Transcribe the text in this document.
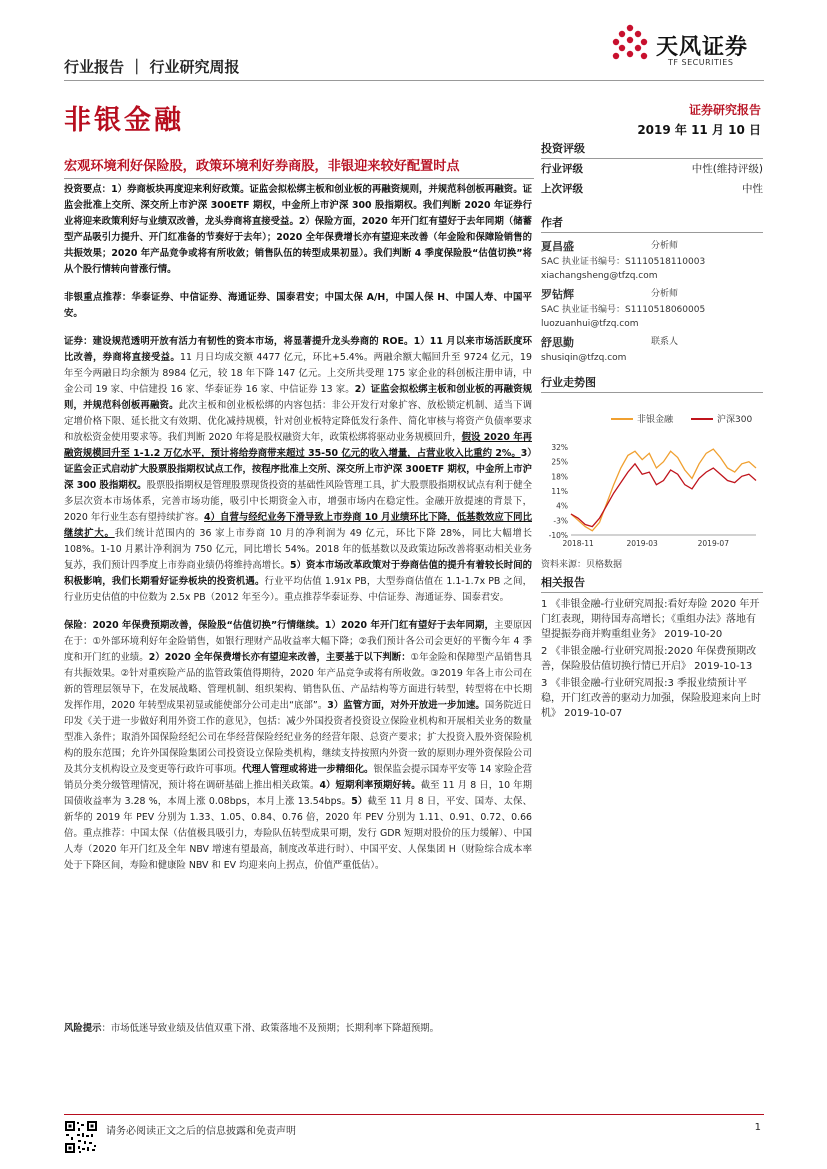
天风证券
TF SECURITIES
行业报告 ｜ 行业研究周报
非银金融	证券研究报告
2019 年 11 月 10 日
宏观环境利好保险股，政策环境利好券商股，非银迎来较好配置时点

投资要点：1）券商板块再度迎来利好政策。证监会拟松绑主板和创业板的再融资规则，并规范科创板再融资。证监会批准上交所、深交所上市沪深 300ETF 期权，中金所上市沪深 300 股指期权。我们判断 2020 年证券行业将迎来政策利好与业绩双改善，龙头券商将直接受益。2）保险方面，2020 年开门红有望好于去年同期（储蓄型产品吸引力提升、开门红准备的节奏好于去年）；2020 全年保费增长亦有望迎来改善（年金险和保障险销售的共振效果；2020 年产品竞争或将有所收敛；销售队伍的转型成果初显）。我们判断 4 季度保险股“估值切换”将从个股行情转向普涨行情。

非银重点推荐：华泰证券、中信证券、海通证券、国泰君安；中国太保 A/H，中国人保 H、中国人寿、中国平安。

证券：建设规范透明开放有活力有韧性的资本市场，将显著提升龙头券商的 ROE。1）11 月以来市场活跃度环比改善，券商将直接受益。11 月日均成交额 4477 亿元，环比+5.4%。两融余额大幅回升至 9724 亿元，19 年至今两融日均余额为 8984 亿元，较 18 年下降 147 亿元。上交所共受理 175 家企业的科创板注册申请，中金公司 19 家、中信建投 16 家、华泰证券 16 家、中信证券 13 家。2）证监会拟松绑主板和创业板的再融资规则，并规范科创板再融资。此次主板和创业板松绑的内容包括：非公开发行对象扩容、放松锁定机制、适当下调定增价格下限、延长批文有效期、优化减持规模，针对创业板特定降低发行条件、简化审核与将资产负债率要求和放松资金使用要求等。我们判断 2020 年将是股权融资大年，政策松绑将驱动业务规模回升，假设 2020 年再融资规模回升至 1-1.2 万亿水平，预计将给券商带来超过 35-50 亿元的收入增量，占营业收入比重约 2%。3）证监会正式启动扩大股票股指期权试点工作，按程序批准上交所、深交所上市沪深 300ETF 期权，中金所上市沪深 300 股指期权。股票股指期权是管理股票现货投资的基础性风险管理工具，扩大股票股指期权试点有利于健全多层次资本市场体系，完善市场功能，吸引中长期资金入市，增强市场内在稳定性。金融开放提速的背景下，2020 年行业生态有望持续扩容。4）自营与经纪业务下滑导致上市券商 10 月业绩环比下降，低基数效应下同比继续扩大。我们统计范围内的 36 家上市券商 10 月的净利润为 49 亿元，环比下降 28%，同比大幅增长 108%。1-10 月累计净利润为 750 亿元，同比增长 54%。2018 年的低基数以及政策边际改善将驱动相关业务复苏，我们预计四季度上市券商业绩仍将维持高增长。5）资本市场改革政策对于券商估值的提升有着较长时间的积极影响，我们长期看好证券板块的投资机遇。行业平均估值 1.91x PB，大型券商估值在 1.1-1.7x PB 之间，行业历史估值的中位数为 2.5x PB（2012 年至今）。重点推荐华泰证券、中信证券、海通证券、国泰君安。

保险：2020 年保费预期改善，保险股“估值切换”行情继续。1）2020 年开门红有望好于去年同期，主要原因在于：①外部环境利好年金险销售，如银行理财产品收益率大幅下降；②我们预计各公司会更好的平衡今年 4 季度和开门红的业绩。2）2020 全年保费增长亦有望迎来改善，主要基于以下判断：①年金险和保障型产品销售具有共振效果。②针对重疾险产品的监管政策值得期待，2020 年产品竞争或将有所收敛。③2019 年各上市公司在新的管理层领导下，在发展战略、管理机制、组织架构、销售队伍、产品结构等方面进行转型，转型将在中长期发挥作用，2020 年转型成果初显或能使部分公司走出“底部”。3）监管方面，对外开放进一步加速。国务院近日印发《关于进一步做好利用外资工作的意见》，包括：减少外国投资者投资设立保险业机构和开展相关业务的数量型准入条件；取消外国保险经纪公司在华经营保险经纪业务的经营年限、总资产要求；扩大投资入股外资保险机构的股东范围；允许外国保险集团公司投资设立保险类机构，继续支持按照内外资一致的原则办理外资保险公司及其分支机构设立及变更等行政许可事项。代理人管理或将进一步精细化。银保监会提示国寿平安等 14 家险企营销员分类分级管理情况，预计将在调研基础上推出相关政策。4）短期利率预期好转。截至 11 月 8 日，10 年期国债收益率为 3.28 %，本周上涨 0.08bps，本月上涨 13.54bps。5）截至 11 月 8 日，平安、国寿、太保、新华的 2019 年 PEV 分别为 1.33、1.05、0.84、0.76 倍，2020 年 PEV 分别为 1.11、0.91、0.72、0.66 倍。重点推荐：中国太保（估值极具吸引力，寿险队伍转型成果可期，发行 GDR 短期对股价的压力缓解）、中国人寿（2020 年开门红及全年 NBV 增速有望最高，制度改革进行时）、中国平安、人保集团 H（财险综合成本率处于下降区间，寿险和健康险 NBV 和 EV 均迎来向上拐点，价值严重低估）。

风险提示：市场低迷导致业绩及估值双重下滑、政策落地不及预期；长期利率下降超预期。
投资评级
行业评级	中性(维持评级)
上次评级	中性
作者
夏昌盛	分析师
SAC 执业证书编号： S1110518110003
xiachangsheng@tfzq.com
罗钻辉	分析师
SAC 执业证书编号： S1110518060005
luozuanhui@tfzq.com
舒思勤	联系人
shusiqin@tfzq.com
行业走势图
非银金融	沪深300
32%
25%
18%
11%
4%
-3%
-10%
2018-11	2019-03	2019-07
资料来源：贝格数据
相关报告
1 《非银金融-行业研究周报:看好寿险 2020 年开门红表现，期待国寿高增长；《重组办法》落地有望提振券商并购重组业务》 2019-10-20
2 《非银金融-行业研究周报:2020 年保费预期改善，保险股估值切换行情已开启》 2019-10-13
3 《非银金融-行业研究周报:3 季报业绩预计平稳，开门红改善的驱动力加强，保险股迎来向上时机》 2019-10-07
请务必阅读正文之后的信息披露和免责声明	1
